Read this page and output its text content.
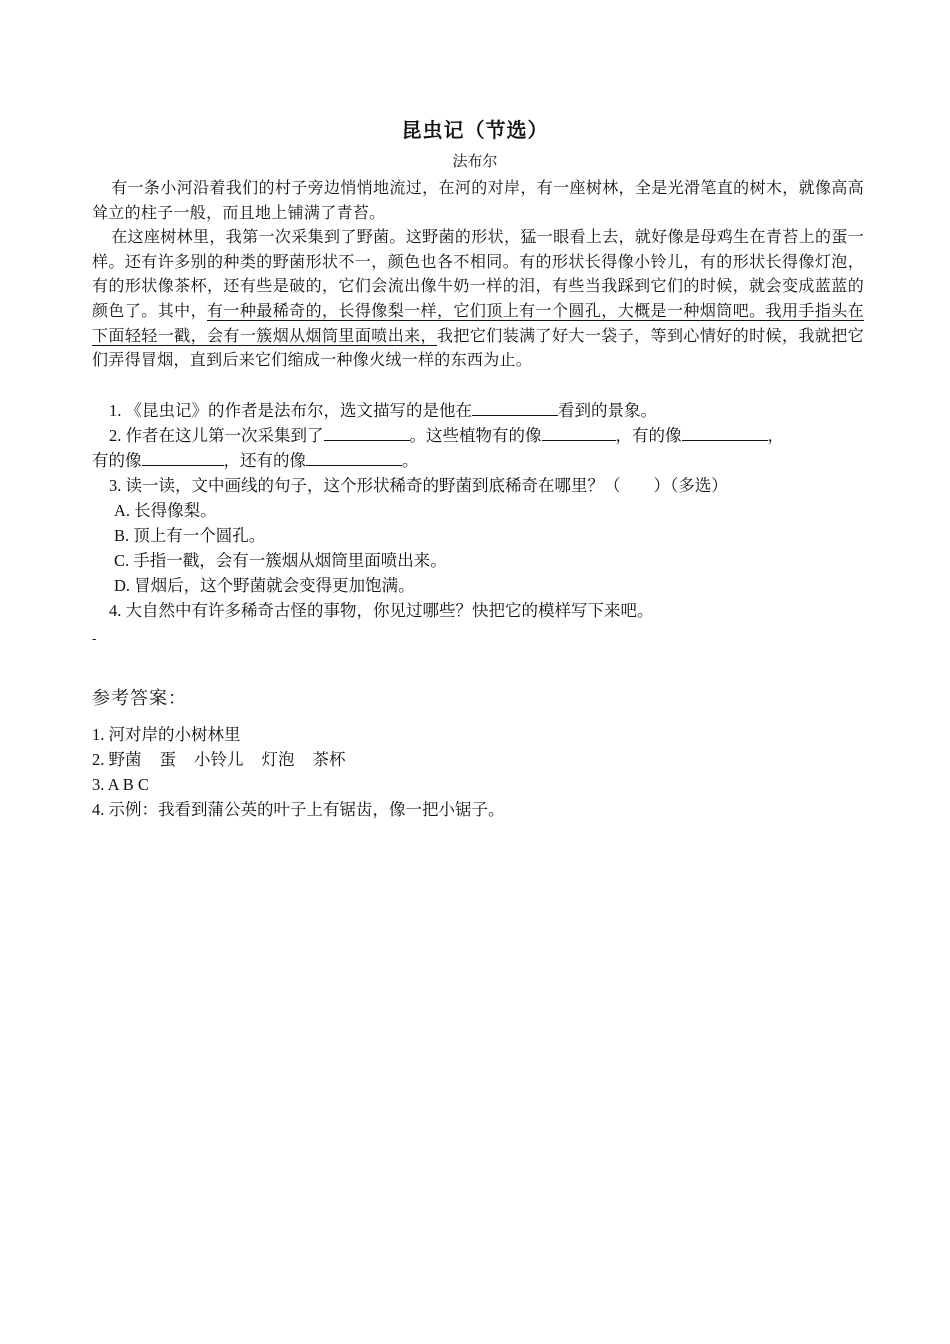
昆虫记（节选）
法布尔

有一条小河沿着我们的村子旁边悄悄地流过，在河的对岸，有一座树林，全是光滑笔直的树木，就像高高耸立的柱子一般，而且地上铺满了青苔。

在这座树林里，我第一次采集到了野菌。这野菌的形状，猛一眼看上去，就好像是母鸡生在青苔上的蛋一样。还有许多别的种类的野菌形状不一，颜色也各不相同。有的形状长得像小铃儿，有的形状长得像灯泡，有的形状像茶杯，还有些是破的，它们会流出像牛奶一样的泪，有些当我踩到它们的时候，就会变成蓝蓝的颜色了。其中，有一种最稀奇的，长得像梨一样，它们顶上有一个圆孔，大概是一种烟筒吧。我用手指头在下面轻轻一戳，会有一簇烟从烟筒里面喷出来，我把它们装满了好大一袋子，等到心情好的时候，我就把它们弄得冒烟，直到后来它们缩成一种像火绒一样的东西为止。

1. 《昆虫记》的作者是法布尔，选文描写的是他在	看到的景象。

2. 作者在这儿第一次采集到了	。这些植物有的像	，有的像	，
有的像	，还有的像	。

3. 读一读，文中画线的句子，这个形状稀奇的野菌到底稀奇在哪里？（　　）（多选）

A. 长得像梨。

B. 顶上有一个圆孔。

C. 手指一戳，会有一簇烟从烟筒里面喷出来。

D. 冒烟后，这个野菌就会变得更加饱满。

4. 大自然中有许多稀奇古怪的事物，你见过哪些？快把它的模样写下来吧。

-
参考答案：

1. 河对岸的小树林里

2. 野菌 蛋 小铃儿 灯泡 茶杯

3. A B C

4. 示例：我看到蒲公英的叶子上有锯齿，像一把小锯子。
